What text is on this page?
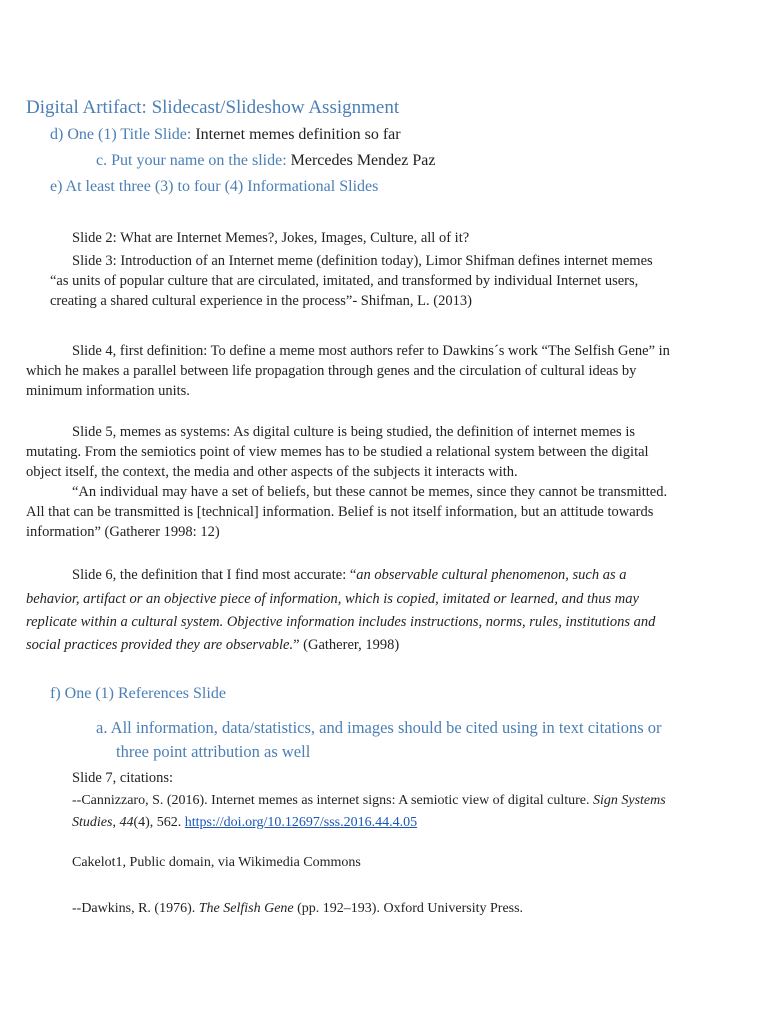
Digital Artifact: Slidecast/Slideshow Assignment
d) One (1) Title Slide: Internet memes definition so far
c. Put your name on the slide: Mercedes Mendez Paz
e) At least three (3) to four (4) Informational Slides
Slide 2: What are Internet Memes?, Jokes, Images, Culture, all of it?
Slide 3: Introduction of an Internet meme (definition today), Limor Shifman defines internet memes
“as units of popular culture that are circulated, imitated, and transformed by individual Internet users,
creating a shared cultural experience in the process”- Shifman, L. (2013)
Slide 4, first definition: To define a meme most authors refer to Dawkins´s work “The Selfish Gene” in
which he makes a parallel between life propagation through genes and the circulation of cultural ideas by
minimum information units.
Slide 5, memes as systems: As digital culture is being studied, the definition of internet memes is
mutating. From the semiotics point of view memes has to be studied a relational system between the digital
object itself, the context, the media and other aspects of the subjects it interacts with.
“An individual may have a set of beliefs, but these cannot be memes, since they cannot be transmitted.
All that can be transmitted is [technical] information. Belief is not itself information, but an attitude towards
information” (Gatherer 1998: 12)
Slide 6, the definition that I find most accurate: “an observable cultural phenomenon, such as a
behavior, artifact or an objective piece of information, which is copied, imitated or learned, and thus may
replicate within a cultural system. Objective information includes instructions, norms, rules, institutions and
social practices provided they are observable.” (Gatherer, 1998)
f) One (1) References Slide
a. All information, data/statistics, and images should be cited using in text citations or
three point attribution as well
Slide 7, citations:
--Cannizzaro, S. (2016). Internet memes as internet signs: A semiotic view of digital culture. Sign Systems
Studies, 44(4), 562. https://doi.org/10.12697/sss.2016.44.4.05
Cakelot1, Public domain, via Wikimedia Commons
--Dawkins, R. (1976). The Selfish Gene (pp. 192–193). Oxford University Press.
